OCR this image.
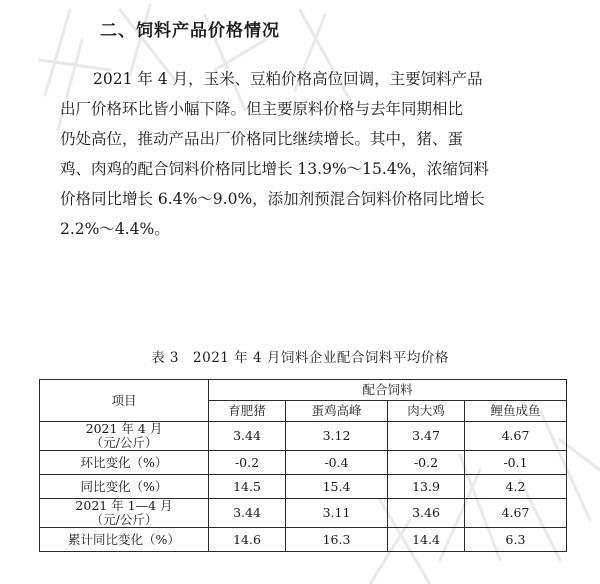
二、饲料产品价格情况

2021 年 4 月，玉米、豆粕价格高位回调，主要饲料产品
出厂价格环比皆小幅下降。但主要原料价格与去年同期相比
仍处高位，推动产品出厂价格同比继续增长。其中，猪、蛋
鸡、肉鸡的配合饲料价格同比增长 13.9%～15.4%，浓缩饲料
价格同比增长 6.4%～9.0%，添加剂预混合饲料价格同比增长
2.2%～4.4%。

表 3　2021 年 4 月饲料企业配合饲料平均价格
项目	配合饲料			
	育肥猪	蛋鸡高峰	肉大鸡	鲤鱼成鱼

2021 年 4 月
（元/公斤）	3.44	3.12	3.47	4.67
环比变化（%）	-0.2	-0.4	-0.2	-0.1
同比变化（%）	14.5	15.4	13.9	4.2

2021 年 1—4 月
（元/公斤）	3.44	3.11	3.46	4.67
累计同比变化（%）	14.6	16.3	14.4	6.3
